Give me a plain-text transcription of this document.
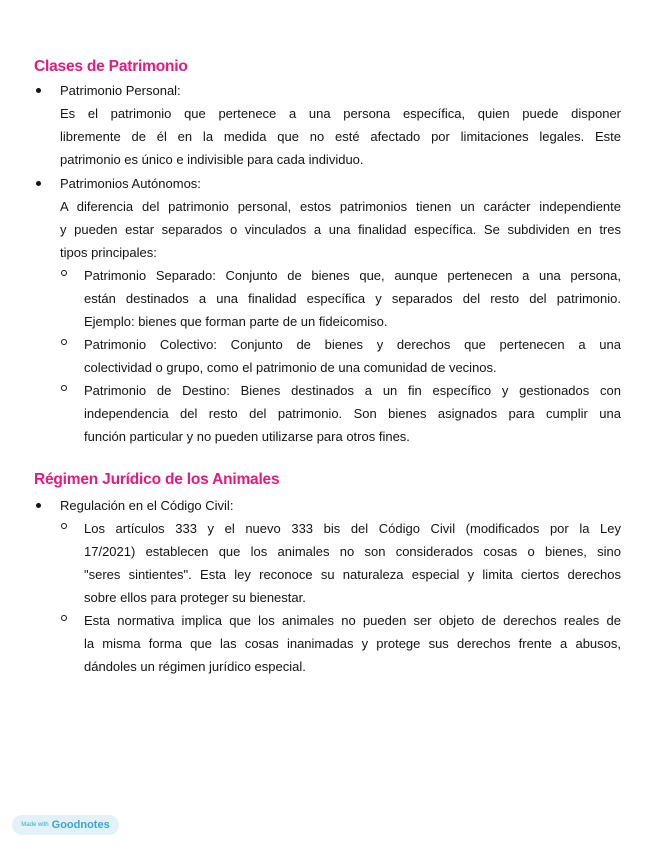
Clases de Patrimonio
Patrimonio Personal:
Es el patrimonio que pertenece a una persona específica, quien puede disponer
libremente de él en la medida que no esté afectado por limitaciones legales. Este
patrimonio es único e indivisible para cada individuo.
Patrimonios Autónomos:
A diferencia del patrimonio personal, estos patrimonios tienen un carácter independiente
y pueden estar separados o vinculados a una finalidad específica. Se subdividen en tres
tipos principales:
Patrimonio Separado: Conjunto de bienes que, aunque pertenecen a una persona,
están destinados a una finalidad específica y separados del resto del patrimonio.
Ejemplo: bienes que forman parte de un fideicomiso.
Patrimonio Colectivo: Conjunto de bienes y derechos que pertenecen a una
colectividad o grupo, como el patrimonio de una comunidad de vecinos.
Patrimonio de Destino: Bienes destinados a un fin específico y gestionados con
independencia del resto del patrimonio. Son bienes asignados para cumplir una
función particular y no pueden utilizarse para otros fines.
Régimen Jurídico de los Animales
Regulación en el Código Civil:
Los artículos 333 y el nuevo 333 bis del Código Civil (modificados por la Ley
17/2021) establecen que los animales no son considerados cosas o bienes, sino
"seres sintientes". Esta ley reconoce su naturaleza especial y limita ciertos derechos
sobre ellos para proteger su bienestar.
Esta normativa implica que los animales no pueden ser objeto de derechos reales de
la misma forma que las cosas inanimadas y protege sus derechos frente a abusos,
dándoles un régimen jurídico especial.
Made with Goodnotes
